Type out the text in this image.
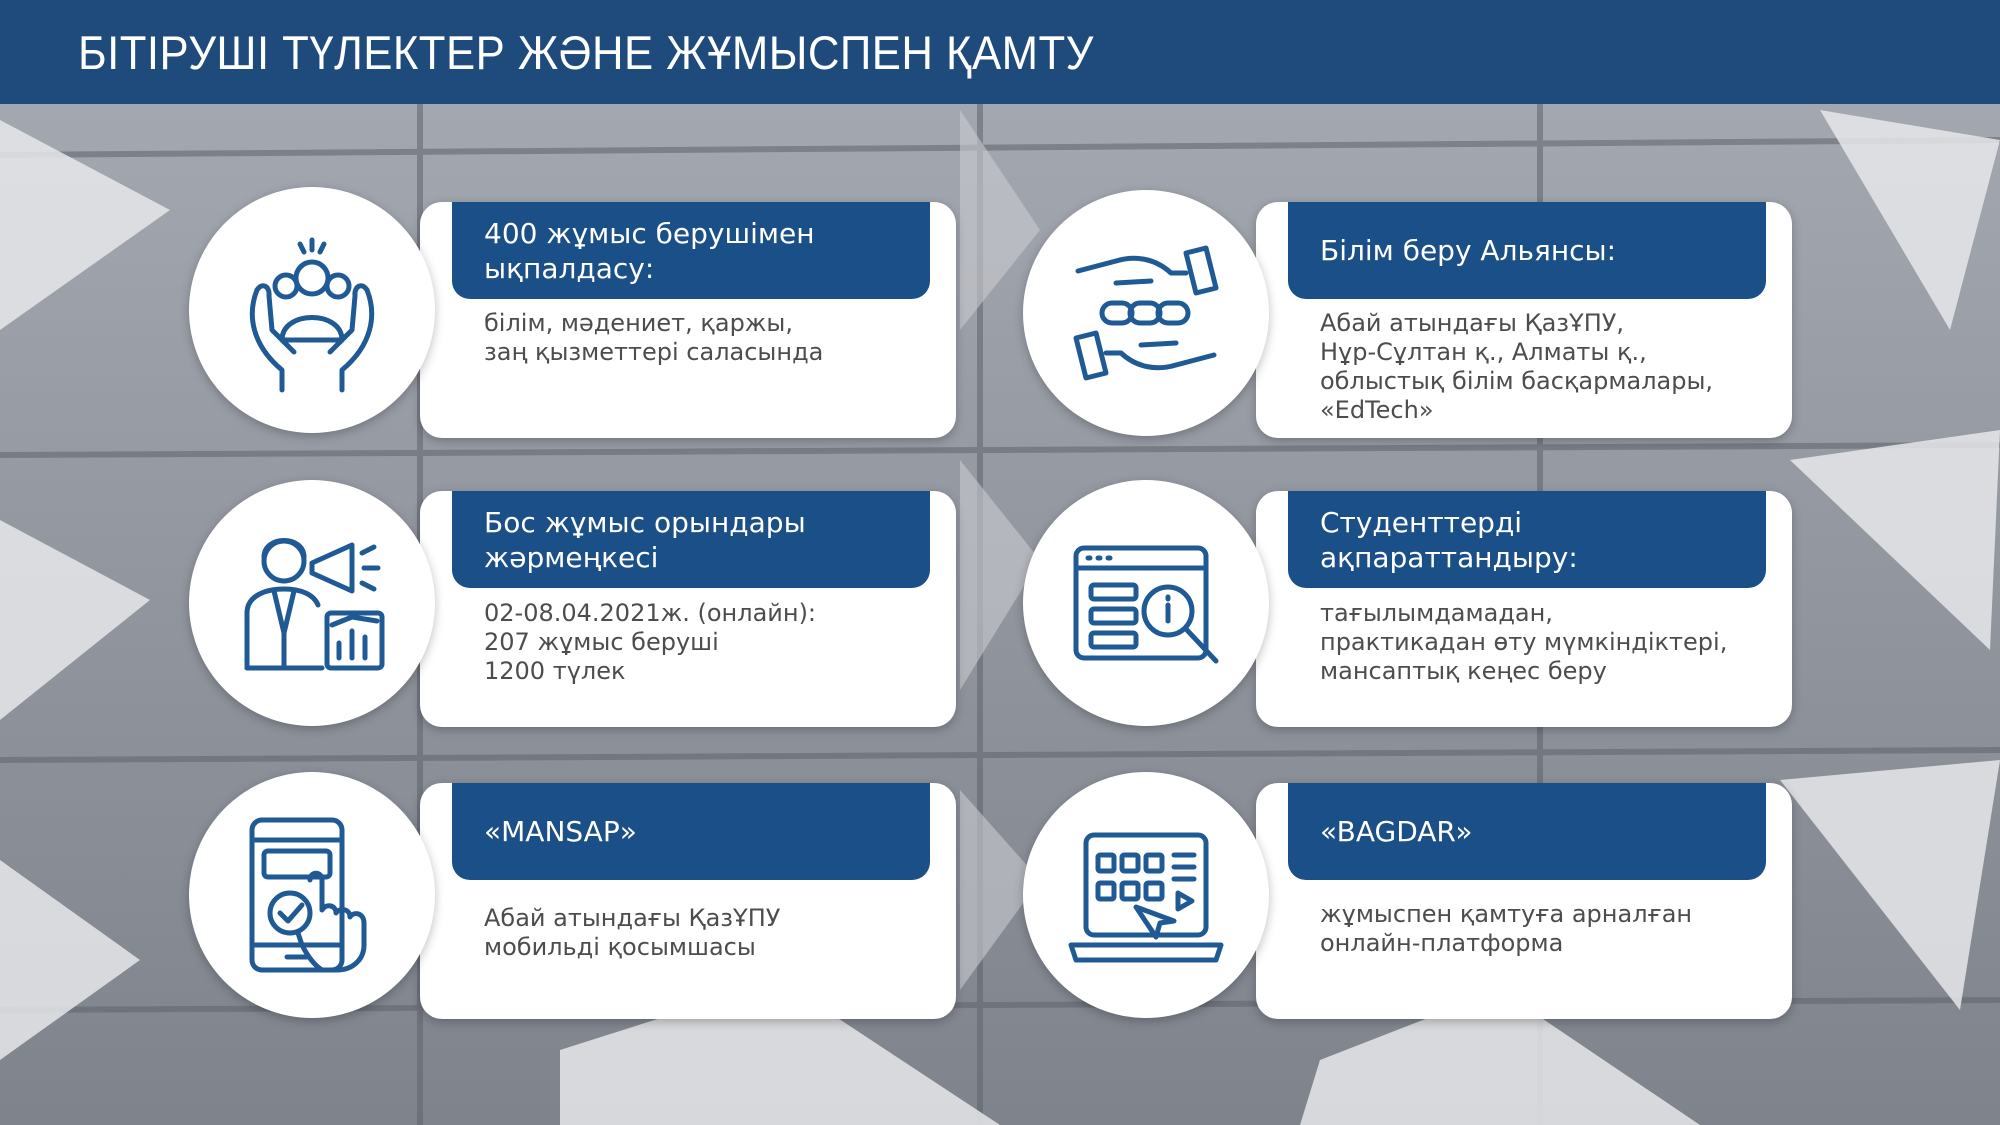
БІТІРУШІ ТҮЛЕКТЕР ЖӘНЕ ЖҰМЫСПЕН ҚАМТУ
400 жұмыс берушімен
ықпалдасу:
білім, мәдениет, қаржы,
заң қызметтері саласында
Білім беру Альянсы:
Абай атындағы ҚазҰПУ,
Нұр-Сұлтан қ., Алматы қ.,
облыстық білім басқармалары,
«EdTech»
Бос жұмыс орындары
жәрмеңкесі
02-08.04.2021ж. (онлайн):
207 жұмыс беруші
1200 түлек
Студенттерді
ақпараттандыру:
тағылымдамадан,
практикадан өту мүмкіндіктері,
мансаптық кеңес беру
«MANSAP»
Абай атындағы ҚазҰПУ
мобильді қосымшасы
«BAGDAR»
жұмыспен қамтуға арналған
онлайн-платформа
